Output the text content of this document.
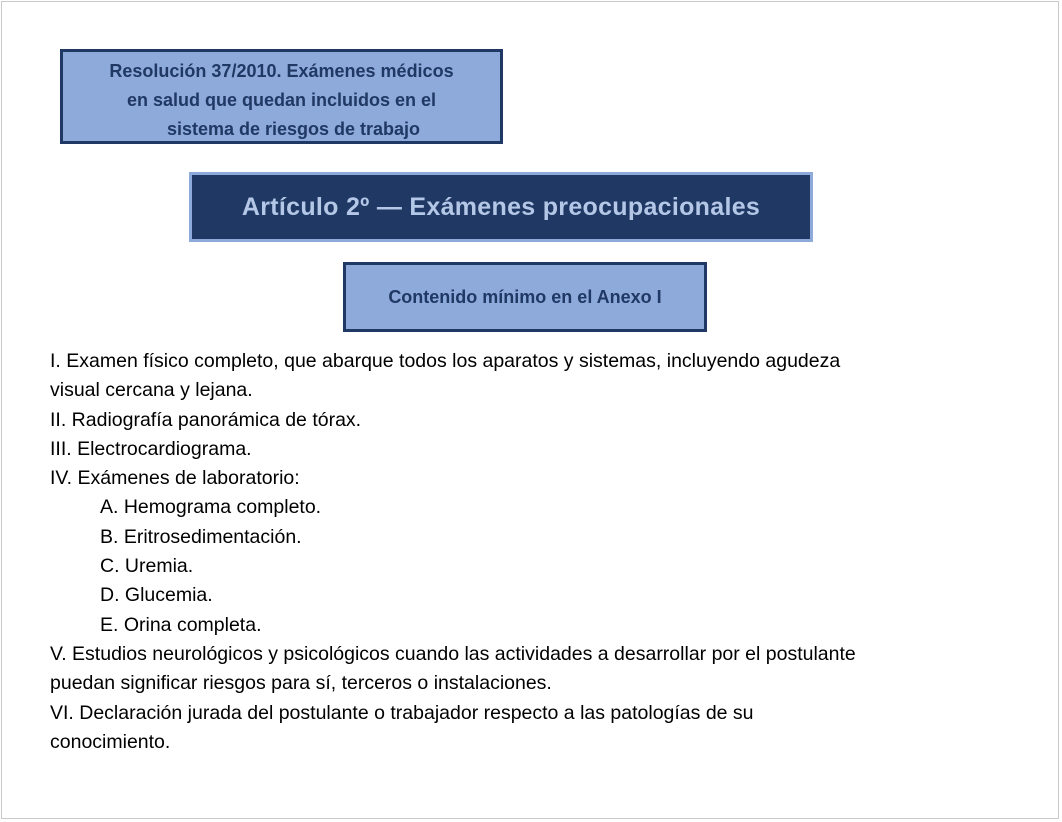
Resolución 37/2010. Exámenes médicos
en salud que quedan incluidos en el
sistema de riesgos de trabajo
Artículo 2º — Exámenes preocupacionales
Contenido mínimo en el Anexo I
I. Examen físico completo, que abarque todos los aparatos y sistemas, incluyendo agudeza
visual cercana y lejana.
II. Radiografía panorámica de tórax.
III. Electrocardiograma.
IV. Exámenes de laboratorio:
A. Hemograma completo.
B. Eritrosedimentación.
C. Uremia.
D. Glucemia.
E. Orina completa.
V. Estudios neurológicos y psicológicos cuando las actividades a desarrollar por el postulante
puedan significar riesgos para sí, terceros o instalaciones.
VI. Declaración jurada del postulante o trabajador respecto a las patologías de su
conocimiento.
